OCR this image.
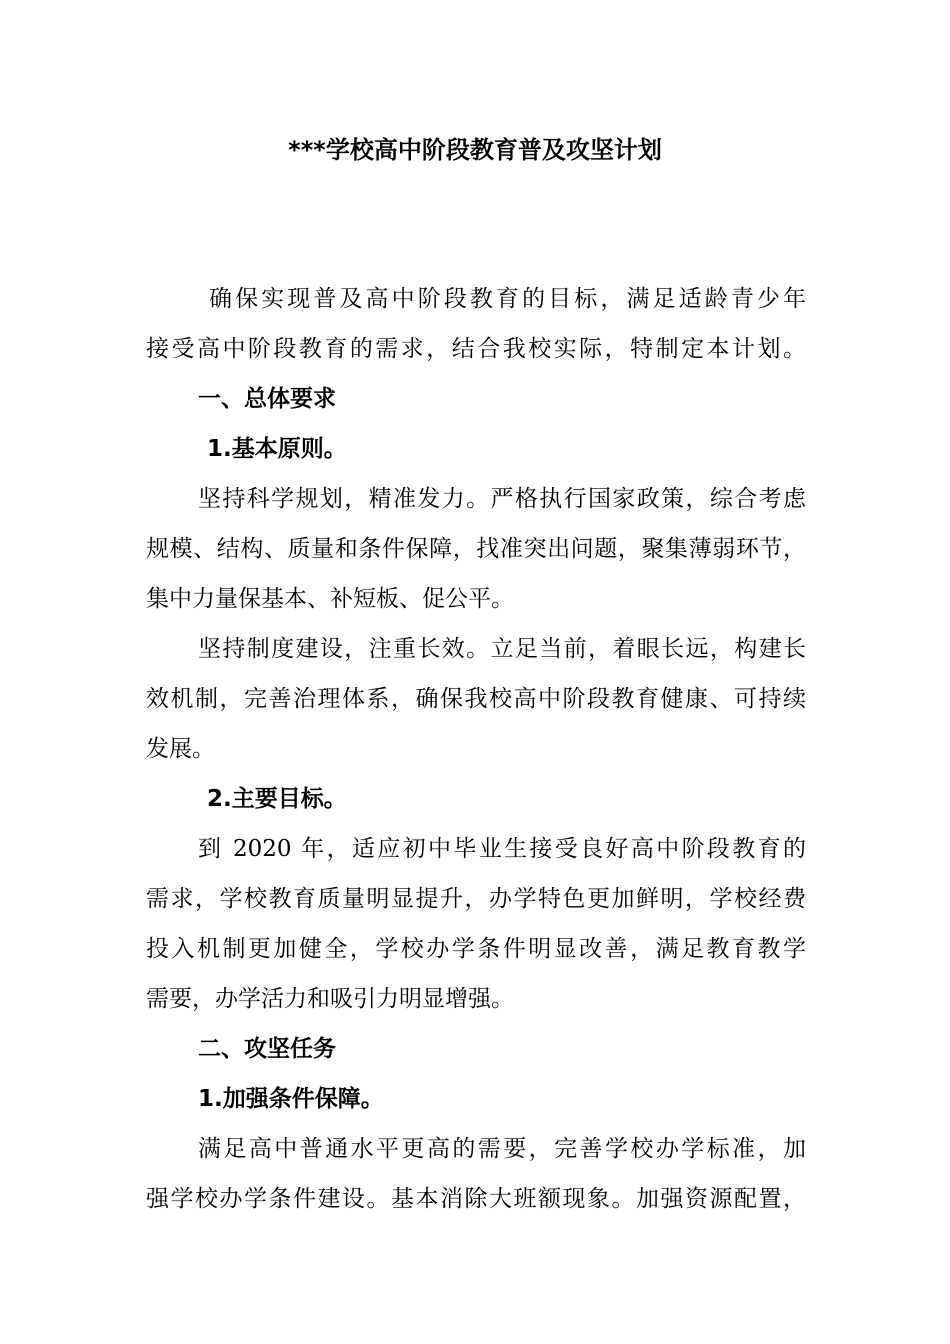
***学校高中阶段教育普及攻坚计划
确保实现普及高中阶段教育的目标，满足适龄青少年
接受高中阶段教育的需求，结合我校实际，特制定本计划。
一、总体要求
1.基本原则。
坚持科学规划，精准发力。严格执行国家政策，综合考虑
规模、结构、质量和条件保障，找准突出问题，聚集薄弱环节，
集中力量保基本、补短板、促公平。
坚持制度建设，注重长效。立足当前，着眼长远，构建长
效机制，完善治理体系，确保我校高中阶段教育健康、可持续
发展。
2.主要目标。
到 2020 年，适应初中毕业生接受良好高中阶段教育的
需求，学校教育质量明显提升，办学特色更加鲜明，学校经费
投入机制更加健全，学校办学条件明显改善，满足教育教学
需要，办学活力和吸引力明显增强。
二、攻坚任务
1.加强条件保障。
满足高中普通水平更高的需要，完善学校办学标准，加
强学校办学条件建设。基本消除大班额现象。加强资源配置，
